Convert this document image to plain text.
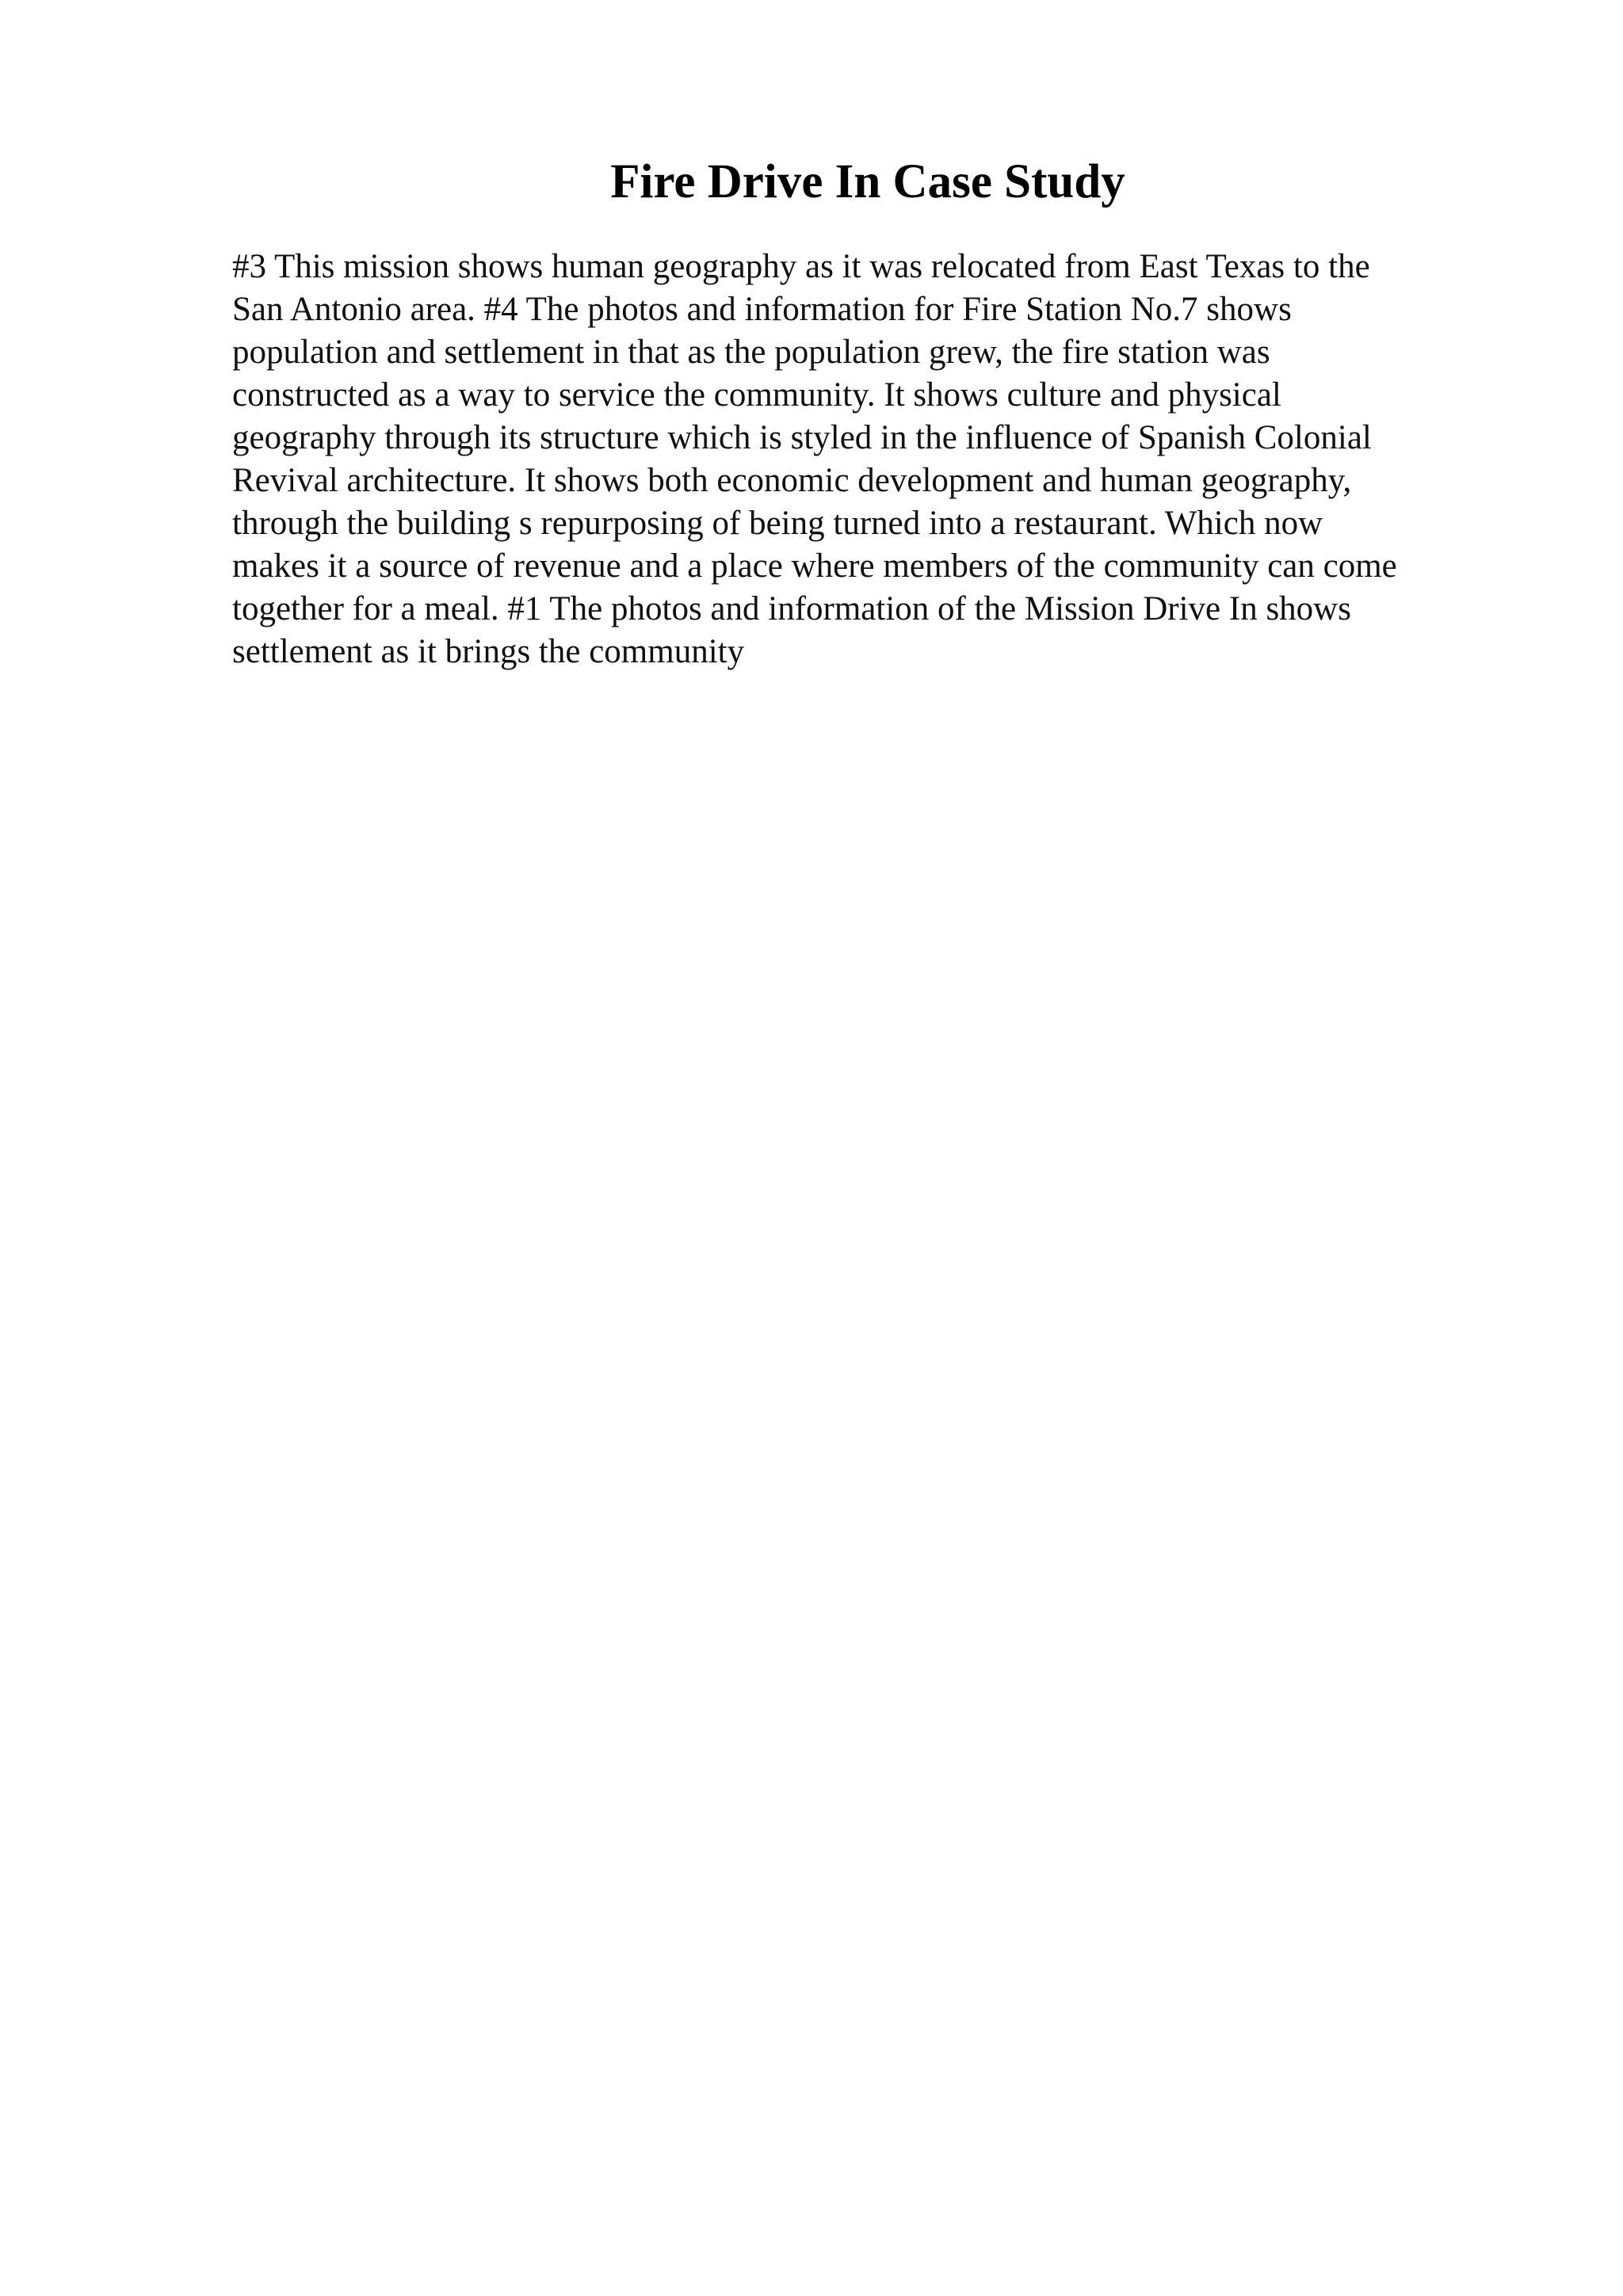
Fire Drive In Case Study

#3 This mission shows human geography as it was relocated from East Texas to the
San Antonio area. #4 The photos and information for Fire Station No.7 shows
population and settlement in that as the population grew, the fire station was
constructed as a way to service the community. It shows culture and physical
geography through its structure which is styled in the influence of Spanish Colonial
Revival architecture. It shows both economic development and human geography,
through the building s repurposing of being turned into a restaurant. Which now
makes it a source of revenue and a place where members of the community can come
together for a meal. #1 The photos and information of the Mission Drive In shows
settlement as it brings the community
